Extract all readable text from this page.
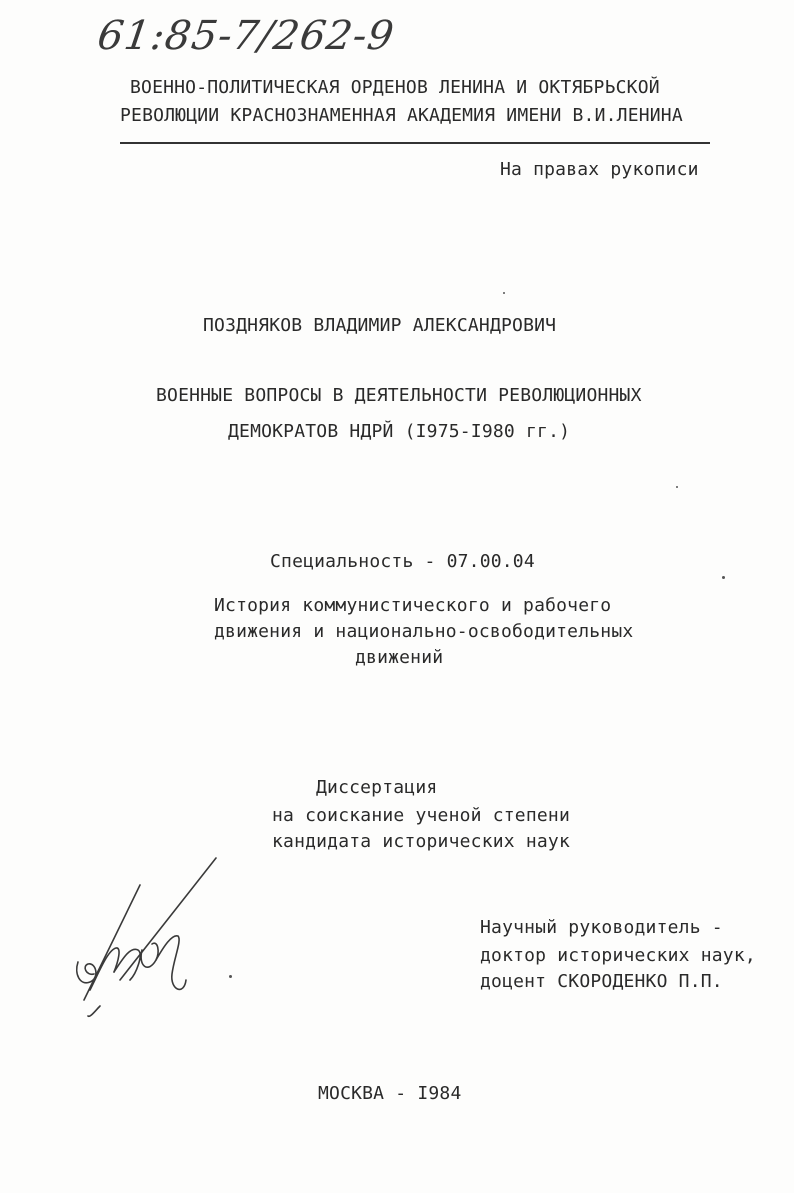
61:85-7/262-9
ВОЕННО-ПОЛИТИЧЕСКАЯ ОРДЕНОВ ЛЕНИНА И ОКТЯБРЬСКОЙ
РЕВОЛЮЦИИ КРАСНОЗНАМЕННАЯ АКАДЕМИЯ ИМЕНИ В.И.ЛЕНИНА
На правах рукописи
ПОЗДНЯКОВ ВЛАДИМИР АЛЕКСАНДРОВИЧ
ВОЕННЫЕ ВОПРОСЫ В ДЕЯТЕЛЬНОСТИ РЕВОЛЮЦИОННЫХ
ДЕМОКРАТОВ НДРЙ (I975-I980 гг.)
Специальность - 07.00.04
История коммунистического и рабочего
движения и национально-освободительных
движений
Диссертация
на соискание ученой степени
кандидата исторических наук
Научный руководитель -
доктор исторических наук,
доцент СКОРОДЕНКО П.П.
МОСКВА - I984
